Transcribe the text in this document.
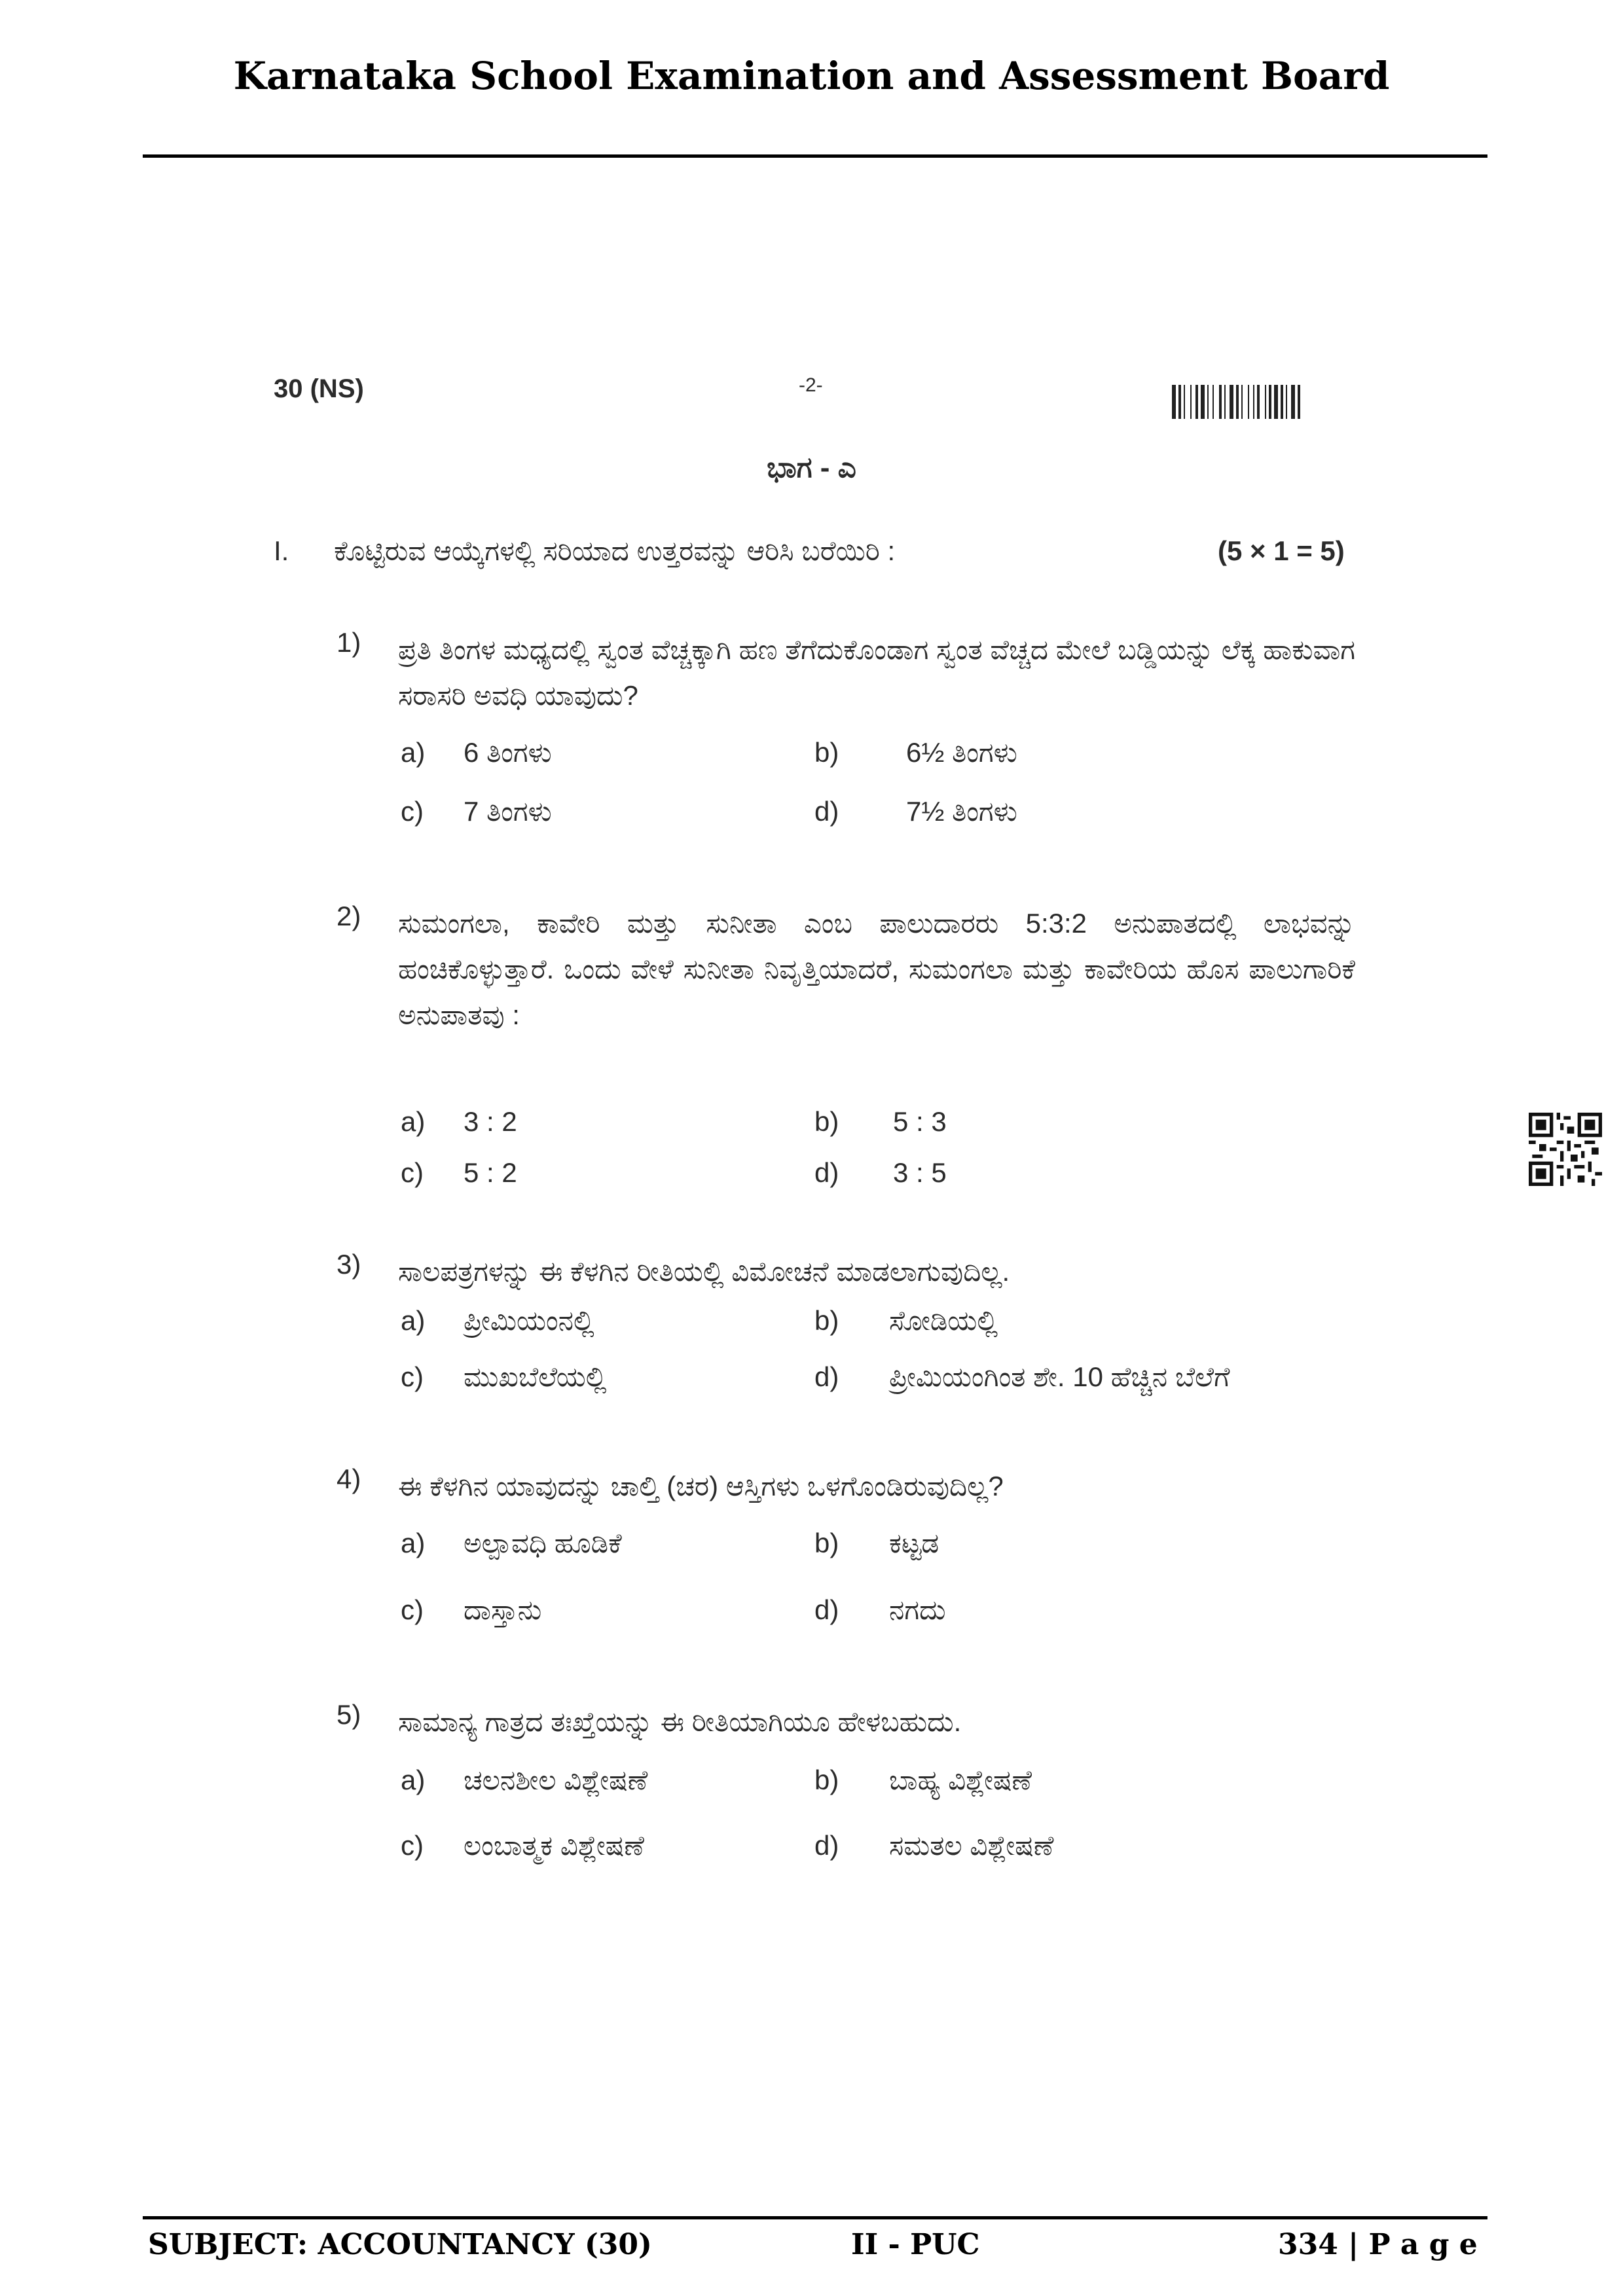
Karnataka School Examination and Assessment Board
30 (NS)	-2-
ಭಾಗ - ಎ
I. ಕೊಟ್ಟಿರುವ ಆಯ್ಕೆಗಳಲ್ಲಿ ಸರಿಯಾದ ಉತ್ತರವನ್ನು ಆರಿಸಿ ಬರೆಯಿರಿ :	(5 × 1 = 5)
1) ಪ್ರತಿ ತಿಂಗಳ ಮಧ್ಯದಲ್ಲಿ ಸ್ವಂತ ವೆಚ್ಚಕ್ಕಾಗಿ ಹಣ ತೆಗೆದುಕೊಂಡಾಗ ಸ್ವಂತ ವೆಚ್ಚದ ಮೇಲೆ ಬಡ್ಡಿಯನ್ನು ಲೆಕ್ಕ ಹಾಕುವಾಗ ಸರಾಸರಿ ಅವಧಿ ಯಾವುದು?
a) 6 ತಿಂಗಳು	b) 6½ ತಿಂಗಳು
c) 7 ತಿಂಗಳು	d) 7½ ತಿಂಗಳು
2) ಸುಮಂಗಲಾ, ಕಾವೇರಿ ಮತ್ತು ಸುನೀತಾ ಎಂಬ ಪಾಲುದಾರರು 5:3:2 ಅನುಪಾತದಲ್ಲಿ ಲಾಭವನ್ನು ಹಂಚಿಕೊಳ್ಳುತ್ತಾರೆ. ಒಂದು ವೇಳೆ ಸುನೀತಾ ನಿವೃತ್ತಿಯಾದರೆ, ಸುಮಂಗಲಾ ಮತ್ತು ಕಾವೇರಿಯ ಹೊಸ ಪಾಲುಗಾರಿಕೆ ಅನುಪಾತವು :
a) 3 : 2	b) 5 : 3
c) 5 : 2	d) 3 : 5
3) ಸಾಲಪತ್ರಗಳನ್ನು ಈ ಕೆಳಗಿನ ರೀತಿಯಲ್ಲಿ ವಿಮೋಚನೆ ಮಾಡಲಾಗುವುದಿಲ್ಲ.
a) ಪ್ರೀಮಿಯಂನಲ್ಲಿ	b) ಸೋಡಿಯಲ್ಲಿ
c) ಮುಖಬೆಲೆಯಲ್ಲಿ	d) ಪ್ರೀಮಿಯಂಗಿಂತ ಶೇ. 10 ಹೆಚ್ಚಿನ ಬೆಲೆಗೆ
4) ಈ ಕೆಳಗಿನ ಯಾವುದನ್ನು ಚಾಲ್ತಿ (ಚರ) ಆಸ್ತಿಗಳು ಒಳಗೊಂಡಿರುವುದಿಲ್ಲ?
a) ಅಲ್ಪಾವಧಿ ಹೂಡಿಕೆ	b) ಕಟ್ಟಡ
c) ದಾಸ್ತಾನು	d) ನಗದು
5) ಸಾಮಾನ್ಯ ಗಾತ್ರದ ತಃಖ್ತೆಯನ್ನು ಈ ರೀತಿಯಾಗಿಯೂ ಹೇಳಬಹುದು.
a) ಚಲನಶೀಲ ವಿಶ್ಲೇಷಣೆ	b) ಬಾಹ್ಯ ವಿಶ್ಲೇಷಣೆ
c) ಲಂಬಾತ್ಮಕ ವಿಶ್ಲೇಷಣೆ	d) ಸಮತಲ ವಿಶ್ಲೇಷಣೆ
SUBJECT: ACCOUNTANCY (30)	II - PUC	334 | P a g e
